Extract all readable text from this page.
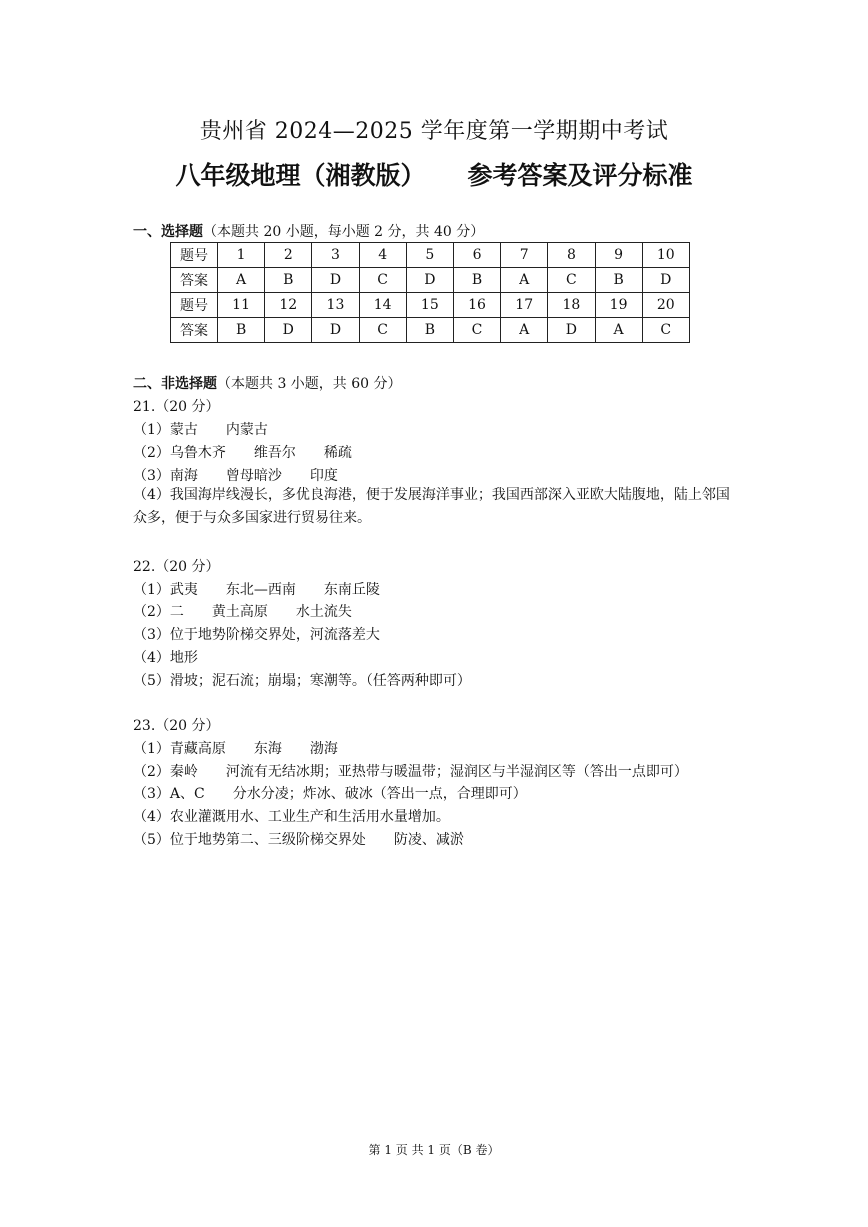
贵州省 2024—2025 学年度第一学期期中考试
八年级地理（湘教版） 参考答案及评分标准
一、选择题（本题共 20 小题，每小题 2 分，共 40 分）
题号	1	2	3	4	5	6	7	8	9	10
答案	A	B	D	C	D	B	A	C	B	D
题号	11	12	13	14	15	16	17	18	19	20
答案	B	D	D	C	B	C	A	D	A	C
二、非选择题（本题共 3 小题，共 60 分）
21.（20 分）
（1）蒙古 内蒙古
（2）乌鲁木齐 维吾尔 稀疏
（3）南海 曾母暗沙 印度
（4）我国海岸线漫长，多优良海港，便于发展海洋事业；我国西部深入亚欧大陆腹地，陆上邻国众多，便于与众多国家进行贸易往来。
22.（20 分）
（1）武夷 东北—西南 东南丘陵
（2）二 黄土高原 水土流失
（3）位于地势阶梯交界处，河流落差大
（4）地形
（5）滑坡；泥石流；崩塌；寒潮等。（任答两种即可）
23.（20 分）
（1）青藏高原 东海 渤海
（2）秦岭 河流有无结冰期；亚热带与暖温带；湿润区与半湿润区等（答出一点即可）
（3）A、C 分水分凌；炸冰、破冰（答出一点，合理即可）
（4）农业灌溉用水、工业生产和生活用水量增加。
（5）位于地势第二、三级阶梯交界处 防凌、减淤
第 1 页 共 1 页（B 卷）
